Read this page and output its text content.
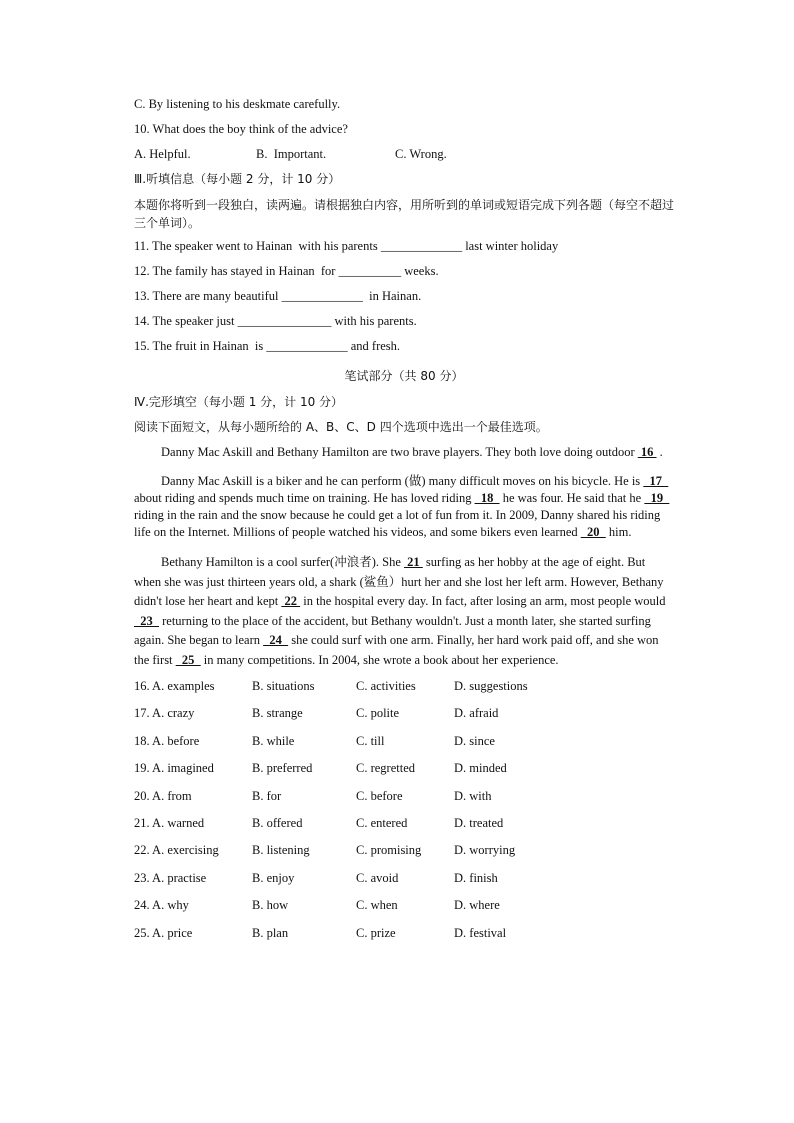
C. By listening to his deskmate carefully.
10. What does the boy think of the advice?
A. Helpful.	B.  Important.	C. Wrong.
Ⅲ.听填信息（每小题 2 分，计 10 分）
本题你将听到一段独白，读两遍。请根据独白内容，用所听到的单词或短语完成下列各题（每空不超过三个单词）。
11. The speaker went to Hainan  with his parents _____________ last winter holiday
12. The family has stayed in Hainan  for __________ weeks.
13. There are many beautiful _____________  in Hainan.
14. The speaker just _______________ with his parents.
15. The fruit in Hainan  is _____________ and fresh.
笔试部分（共 80 分）
Ⅳ.完形填空（每小题 1 分，计 10 分）
阅读下面短文，从每小题所给的 A、B、C、D 四个选项中选出一个最佳选项。
Danny Mac Askill and Bethany Hamilton are two brave players. They both love doing outdoor  16  .
Danny Mac Askill is a biker and he can perform (做) many difficult moves on his bicycle. He is   17   about riding and spends much time on training. He has loved riding   18   he was four. He said that he   19   riding in the rain and the snow because he could get a lot of fun from it. In 2009, Danny shared his riding life on the Internet. Millions of people watched his videos, and some bikers even learned   20   him.
Bethany Hamilton is a cool surfer(冲浪者). She  21  surfing as her hobby at the age of eight. But when she was just thirteen years old, a shark (鲨鱼）hurt her and she lost her left arm. However, Bethany didn't lose her heart and kept  22  in the hospital every day. In fact, after losing an arm, most people would   23   returning to the place of the accident, but Bethany wouldn't. Just a month later, she started surfing again. She began to learn   24   she could surf with one arm. Finally, her hard work paid off, and she won the first   25   in many competitions. In 2004, she wrote a book about her experience.
16. A. examples	B. situations	C. activities	D. suggestions
17. A. crazy	B. strange	C. polite	D. afraid
18. A. before	B. while	C. till	D. since
19. A. imagined	B. preferred	C. regretted	D. minded
20. A. from	B. for	C. before	D. with
21. A. warned	B. offered	C. entered	D. treated
22. A. exercising	B. listening	C. promising	D. worrying
23. A. practise	B. enjoy	C. avoid	D. finish
24. A. why	B. how	C. when	D. where
25. A. price	B. plan	C. prize	D. festival
